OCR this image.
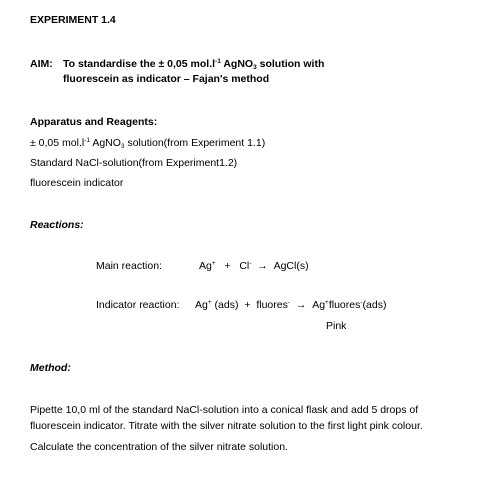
EXPERIMENT 1.4
AIM: To standardise the ± 0,05 $mol.l^{-1}$ AgNO$_3$ solution with
fluorescein as indicator – Fajan's method
Apparatus and Reagents:
± 0,05 $mol.l^{-1}$ AgNO$_3$ solution(from Experiment 1.1)
Standard NaCl-solution(from Experiment1.2)
fluorescein indicator
Reactions:
Main reaction:	Ag+ + Cl- → AgCl(s)
Indicator reaction: Ag+ (ads) + fluores- → Ag+fluores-(ads)
Pink
Method:
Pipette 10,0 ml of the standard NaCl-solution into a conical flask and add 5 drops of fluorescein indicator. Titrate with the silver nitrate solution to the first light pink colour.
Calculate the concentration of the silver nitrate solution.
